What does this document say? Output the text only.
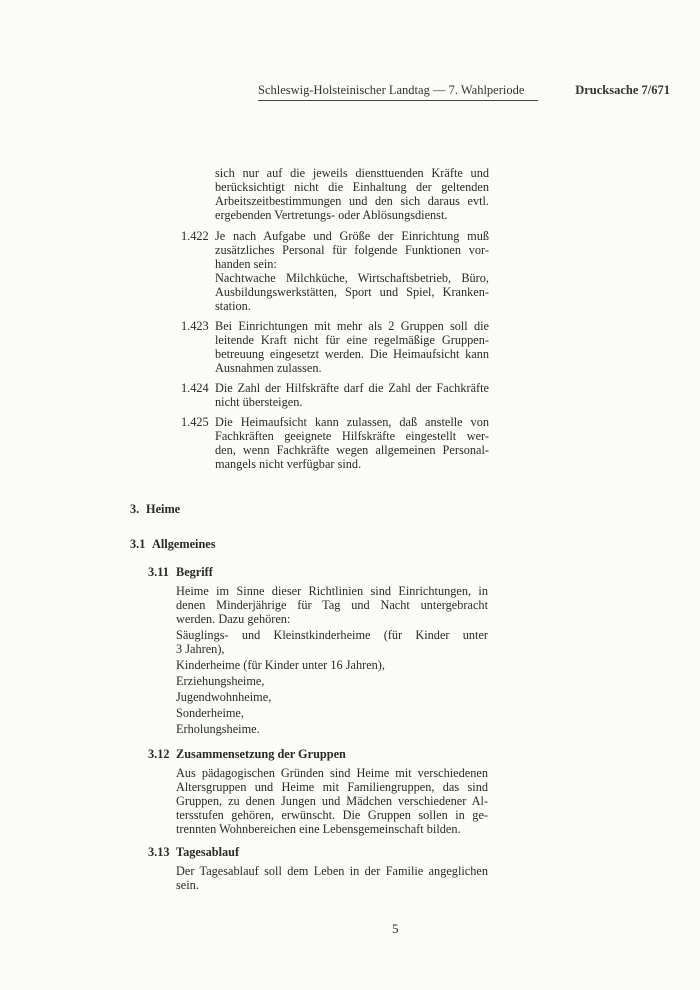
Schleswig-Holsteinischer Landtag — 7. Wahlperiode	Drucksache 7/671
sich nur auf die jeweils diensttuenden Kräfte und
berücksichtigt nicht die Einhaltung der geltenden
Arbeitszeitbestimmungen und den sich daraus evtl.
ergebenden Vertretungs- oder Ablösungsdienst.
1.422 Je nach Aufgabe und Größe der Einrichtung muß
zusätzliches Personal für folgende Funktionen vor-
handen sein:
Nachtwache Milchküche, Wirtschaftsbetrieb, Büro,
Ausbildungswerkstätten, Sport und Spiel, Kranken-
station.
1.423 Bei Einrichtungen mit mehr als 2 Gruppen soll die
leitende Kraft nicht für eine regelmäßige Gruppen-
betreuung eingesetzt werden. Die Heimaufsicht kann
Ausnahmen zulassen.
1.424 Die Zahl der Hilfskräfte darf die Zahl der Fachkräfte
nicht übersteigen.
1.425 Die Heimaufsicht kann zulassen, daß anstelle von
Fachkräften geeignete Hilfskräfte eingestellt wer-
den, wenn Fachkräfte wegen allgemeinen Personal-
mangels nicht verfügbar sind.
3. Heime
3.1 Allgemeines
3.11 Begriff
Heime im Sinne dieser Richtlinien sind Einrichtungen, in
denen Minderjährige für Tag und Nacht untergebracht
werden. Dazu gehören:
Säuglings- und Kleinstkinderheime (für Kinder unter
3 Jahren),
Kinderheime (für Kinder unter 16 Jahren),
Erziehungsheime,
Jugendwohnheime,
Sonderheime,
Erholungsheime.
3.12 Zusammensetzung der Gruppen
Aus pädagogischen Gründen sind Heime mit verschiedenen
Altersgruppen und Heime mit Familiengruppen, das sind
Gruppen, zu denen Jungen und Mädchen verschiedener Al-
tersstufen gehören, erwünscht. Die Gruppen sollen in ge-
trennten Wohnbereichen eine Lebensgemeinschaft bilden.
3.13 Tagesablauf
Der Tagesablauf soll dem Leben in der Familie angeglichen
sein.
5
